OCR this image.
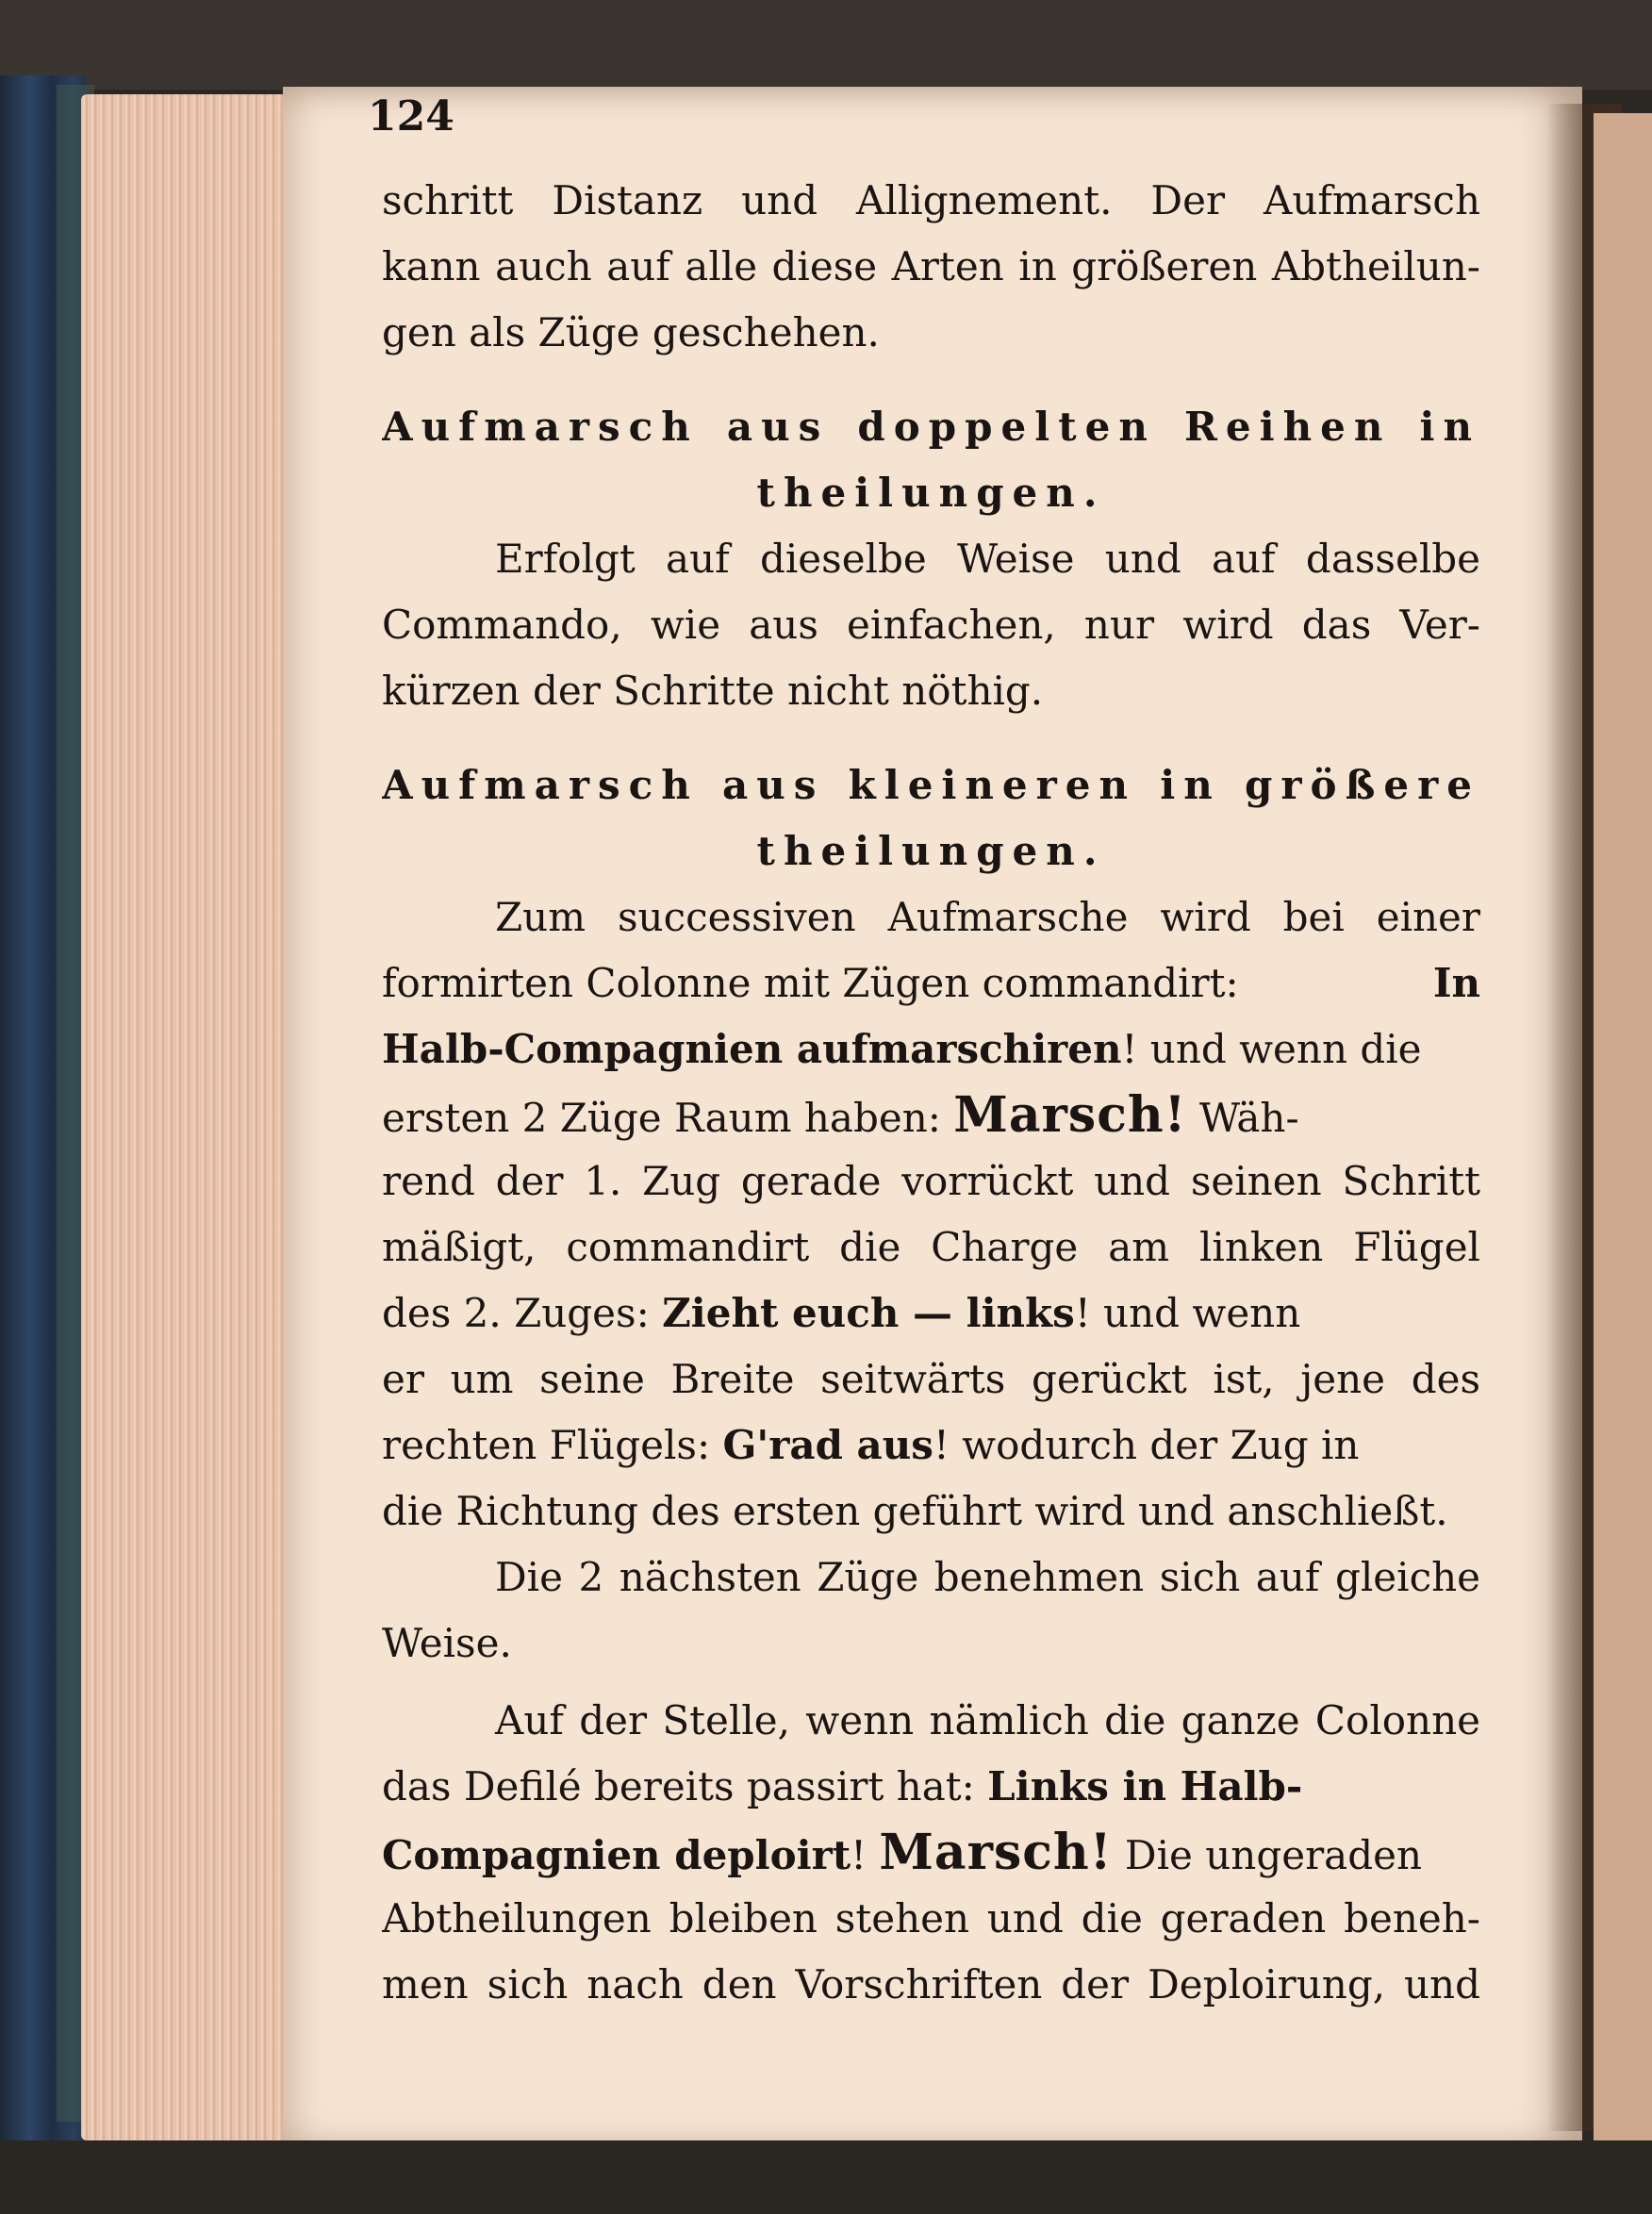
124
schritt Distanz und Allignement. Der Aufmarsch
kann auch auf alle diese Arten in größeren Abtheilun-
gen als Züge geschehen.
Aufmarsch aus doppelten Reihen in
theilungen.
Erfolgt auf dieselbe Weise und auf dasselbe
Commando, wie aus einfachen, nur wird das Ver-
kürzen der Schritte nicht nöthig.
Aufmarsch aus kleineren in größere
theilungen.
Zum successiven Aufmarsche wird bei einer
formirten Colonne mit Zügen commandirt:	In
Halb-Compagnien aufmarschiren! und wenn die
ersten 2 Züge Raum haben: Marsch! Wäh-
rend der 1. Zug gerade vorrückt und seinen Schritt
mäßigt, commandirt die Charge am linken Flügel
des 2. Zuges: Zieht euch — links! und wenn
er um seine Breite seitwärts gerückt ist, jene des
rechten Flügels: G'rad aus! wodurch der Zug in
die Richtung des ersten geführt wird und anschließt.
Die 2 nächsten Züge benehmen sich auf gleiche
Weise.
Auf der Stelle, wenn nämlich die ganze Colonne
das Defilé bereits passirt hat: Links in Halb-
Compagnien deploirt! Marsch! Die ungeraden
Abtheilungen bleiben stehen und die geraden beneh-
men sich nach den Vorschriften der Deploirung, und
